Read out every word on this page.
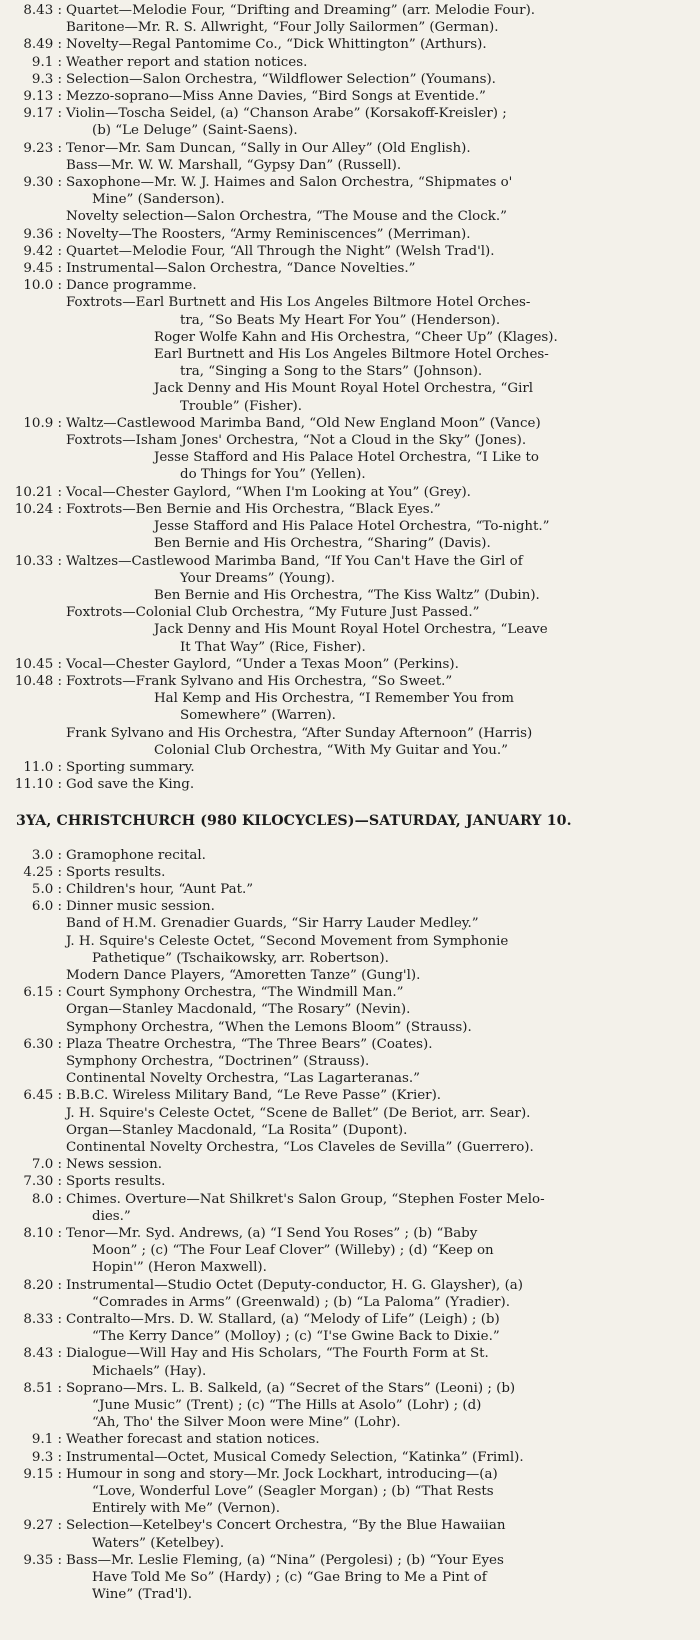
8.43 : Quartet—Melodie Four, “Drifting and Dreaming” (arr. Melodie Four).
Baritone—Mr. R. S. Allwright, “Four Jolly Sailormen” (German).
8.49 : Novelty—Regal Pantomime Co., “Dick Whittington” (Arthurs).
9.1 : Weather report and station notices.
9.3 : Selection—Salon Orchestra, “Wildflower Selection” (Youmans).
9.13 : Mezzo-soprano—Miss Anne Davies, “Bird Songs at Eventide.”
9.17 : Violin—Toscha Seidel, (a) “Chanson Arabe” (Korsakoff-Kreisler) ;
(b) “Le Deluge” (Saint-Saens).
9.23 : Tenor—Mr. Sam Duncan, “Sally in Our Alley” (Old English).
Bass—Mr. W. W. Marshall, “Gypsy Dan” (Russell).
9.30 : Saxophone—Mr. W. J. Haimes and Salon Orchestra, “Shipmates o'
Mine” (Sanderson).
Novelty selection—Salon Orchestra, “The Mouse and the Clock.”
9.36 : Novelty—The Roosters, “Army Reminiscences” (Merriman).
9.42 : Quartet—Melodie Four, “All Through the Night” (Welsh Trad'l).
9.45 : Instrumental—Salon Orchestra, “Dance Novelties.”
10.0 : Dance programme.
Foxtrots—Earl Burtnett and His Los Angeles Biltmore Hotel Orches-
tra, “So Beats My Heart For You” (Henderson).
Roger Wolfe Kahn and His Orchestra, “Cheer Up” (Klages).
Earl Burtnett and His Los Angeles Biltmore Hotel Orches-
tra, “Singing a Song to the Stars” (Johnson).
Jack Denny and His Mount Royal Hotel Orchestra, “Girl
Trouble” (Fisher).
10.9 : Waltz—Castlewood Marimba Band, “Old New England Moon” (Vance)
Foxtrots—Isham Jones' Orchestra, “Not a Cloud in the Sky” (Jones).
Jesse Stafford and His Palace Hotel Orchestra, “I Like to
do Things for You” (Yellen).
10.21 : Vocal—Chester Gaylord, “When I'm Looking at You” (Grey).
10.24 : Foxtrots—Ben Bernie and His Orchestra, “Black Eyes.”
Jesse Stafford and His Palace Hotel Orchestra, “To-night.”
Ben Bernie and His Orchestra, “Sharing” (Davis).
10.33 : Waltzes—Castlewood Marimba Band, “If You Can't Have the Girl of
Your Dreams” (Young).
Ben Bernie and His Orchestra, “The Kiss Waltz” (Dubin).
Foxtrots—Colonial Club Orchestra, “My Future Just Passed.”
Jack Denny and His Mount Royal Hotel Orchestra, “Leave
It That Way” (Rice, Fisher).
10.45 : Vocal—Chester Gaylord, “Under a Texas Moon” (Perkins).
10.48 : Foxtrots—Frank Sylvano and His Orchestra, “So Sweet.”
Hal Kemp and His Orchestra, “I Remember You from
Somewhere” (Warren).
Frank Sylvano and His Orchestra, “After Sunday Afternoon” (Harris)
Colonial Club Orchestra, “With My Guitar and You.”
11.0 : Sporting summary.
11.10 : God save the King.
3YA, CHRISTCHURCH (980 KILOCYCLES)—SATURDAY, JANUARY 10.
3.0 : Gramophone recital.
4.25 : Sports results.
5.0 : Children's hour, “Aunt Pat.”
6.0 : Dinner music session.
Band of H.M. Grenadier Guards, “Sir Harry Lauder Medley.”
J. H. Squire's Celeste Octet, “Second Movement from Symphonie
Pathetique” (Tschaikowsky, arr. Robertson).
Modern Dance Players, “Amoretten Tanze” (Gung'l).
6.15 : Court Symphony Orchestra, “The Windmill Man.”
Organ—Stanley Macdonald, “The Rosary” (Nevin).
Symphony Orchestra, “When the Lemons Bloom” (Strauss).
6.30 : Plaza Theatre Orchestra, “The Three Bears” (Coates).
Symphony Orchestra, “Doctrinen” (Strauss).
Continental Novelty Orchestra, “Las Lagarteranas.”
6.45 : B.B.C. Wireless Military Band, “Le Reve Passe” (Krier).
J. H. Squire's Celeste Octet, “Scene de Ballet” (De Beriot, arr. Sear).
Organ—Stanley Macdonald, “La Rosita” (Dupont).
Continental Novelty Orchestra, “Los Claveles de Sevilla” (Guerrero).
7.0 : News session.
7.30 : Sports results.
8.0 : Chimes. Overture—Nat Shilkret's Salon Group, “Stephen Foster Melo-
dies.”
8.10 : Tenor—Mr. Syd. Andrews, (a) “I Send You Roses” ; (b) “Baby
Moon” ; (c) “The Four Leaf Clover” (Willeby) ; (d) “Keep on
Hopin'” (Heron Maxwell).
8.20 : Instrumental—Studio Octet (Deputy-conductor, H. G. Glaysher), (a)
“Comrades in Arms” (Greenwald) ; (b) “La Paloma” (Yradier).
8.33 : Contralto—Mrs. D. W. Stallard, (a) “Melody of Life” (Leigh) ; (b)
“The Kerry Dance” (Molloy) ; (c) “I'se Gwine Back to Dixie.”
8.43 : Dialogue—Will Hay and His Scholars, “The Fourth Form at St.
Michaels” (Hay).
8.51 : Soprano—Mrs. L. B. Salkeld, (a) “Secret of the Stars” (Leoni) ; (b)
“June Music” (Trent) ; (c) “The Hills at Asolo” (Lohr) ; (d)
“Ah, Tho' the Silver Moon were Mine” (Lohr).
9.1 : Weather forecast and station notices.
9.3 : Instrumental—Octet, Musical Comedy Selection, “Katinka” (Friml).
9.15 : Humour in song and story—Mr. Jock Lockhart, introducing—(a)
“Love, Wonderful Love” (Seagler Morgan) ; (b) “That Rests
Entirely with Me” (Vernon).
9.27 : Selection—Ketelbey's Concert Orchestra, “By the Blue Hawaiian
Waters” (Ketelbey).
9.35 : Bass—Mr. Leslie Fleming, (a) “Nina” (Pergolesi) ; (b) “Your Eyes
Have Told Me So” (Hardy) ; (c) “Gae Bring to Me a Pint of
Wine” (Trad'l).
